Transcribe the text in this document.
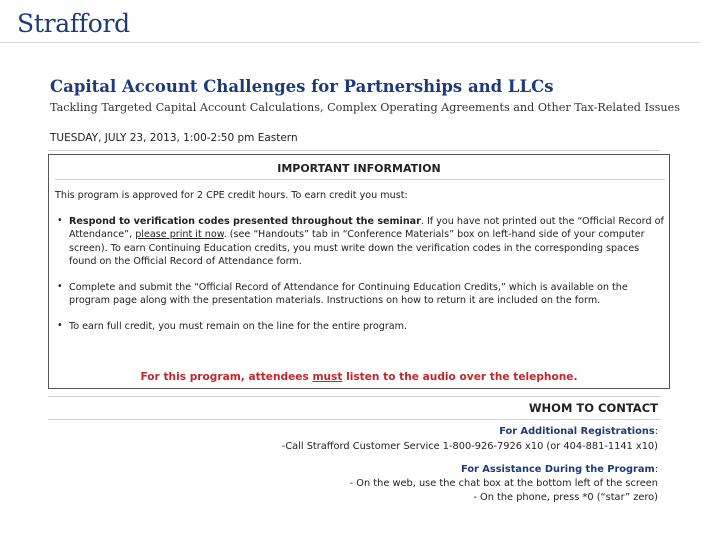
Strafford
Capital Account Challenges for Partnerships and LLCs
Tackling Targeted Capital Account Calculations, Complex Operating Agreements and Other Tax-Related Issues
TUESDAY, JULY 23, 2013, 1:00-2:50 pm Eastern
IMPORTANT INFORMATION
This program is approved for 2 CPE credit hours. To earn credit you must:
• Respond to verification codes presented throughout the seminar. If you have not printed out the “Official Record of Attendance”, please print it now. (see “Handouts” tab in “Conference Materials” box on left-hand side of your computer screen). To earn Continuing Education credits, you must write down the verification codes in the corresponding spaces found on the Official Record of Attendance form.
• Complete and submit the “Official Record of Attendance for Continuing Education Credits,” which is available on the program page along with the presentation materials. Instructions on how to return it are included on the form.
• To earn full credit, you must remain on the line for the entire program.
For this program, attendees must listen to the audio over the telephone.
WHOM TO CONTACT
For Additional Registrations:
-Call Strafford Customer Service 1-800-926-7926 x10 (or 404-881-1141 x10)
For Assistance During the Program:
- On the web, use the chat box at the bottom left of the screen
- On the phone, press *0 (“star” zero)
